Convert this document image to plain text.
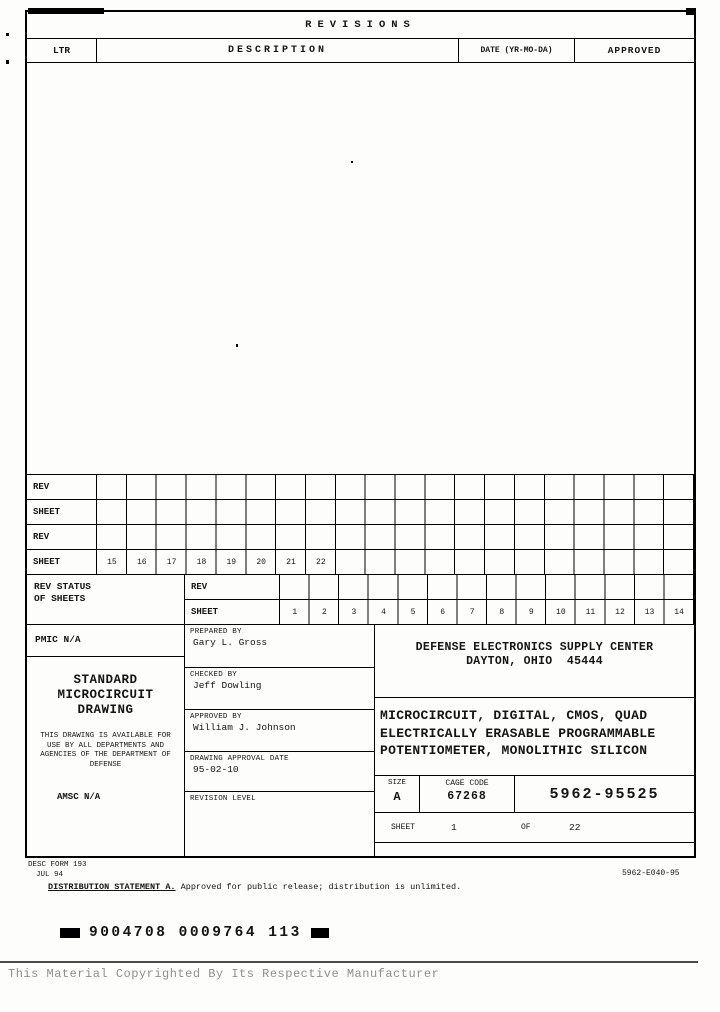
REVISIONS
LTR	DESCRIPTION	DATE (YR-MO-DA)	APPROVED
REV
SHEET
REV
SHEET	15	16	17	18	19	20	21	22
REV STATUS
OF SHEETS
REV
SHEET	1	2	3	4	5	6	7	8	9	10	11	12	13	14
PMIC N/A
STANDARD MICROCIRCUIT DRAWING
THIS DRAWING IS AVAILABLE FOR USE BY ALL DEPARTMENTS AND AGENCIES OF THE DEPARTMENT OF DEFENSE
AMSC N/A
PREPARED BY
Gary L. Gross
CHECKED BY
Jeff Dowling
APPROVED BY
William J. Johnson
DRAWING APPROVAL DATE
95-02-10
REVISION LEVEL
DEFENSE ELECTRONICS SUPPLY CENTER
DAYTON, OHIO  45444
MICROCIRCUIT, DIGITAL, CMOS, QUAD
ELECTRICALLY ERASABLE PROGRAMMABLE
POTENTIOMETER, MONOLITHIC SILICON
SIZE
A
CAGE CODE
67268	5962-95525
SHEET	1	OF	22
DESC FORM 193
JUL 94	5962-E040-95
DISTRIBUTION STATEMENT A. Approved for public release; distribution is unlimited.
9004708 0009764 113
This Material Copyrighted By Its Respective Manufacturer
